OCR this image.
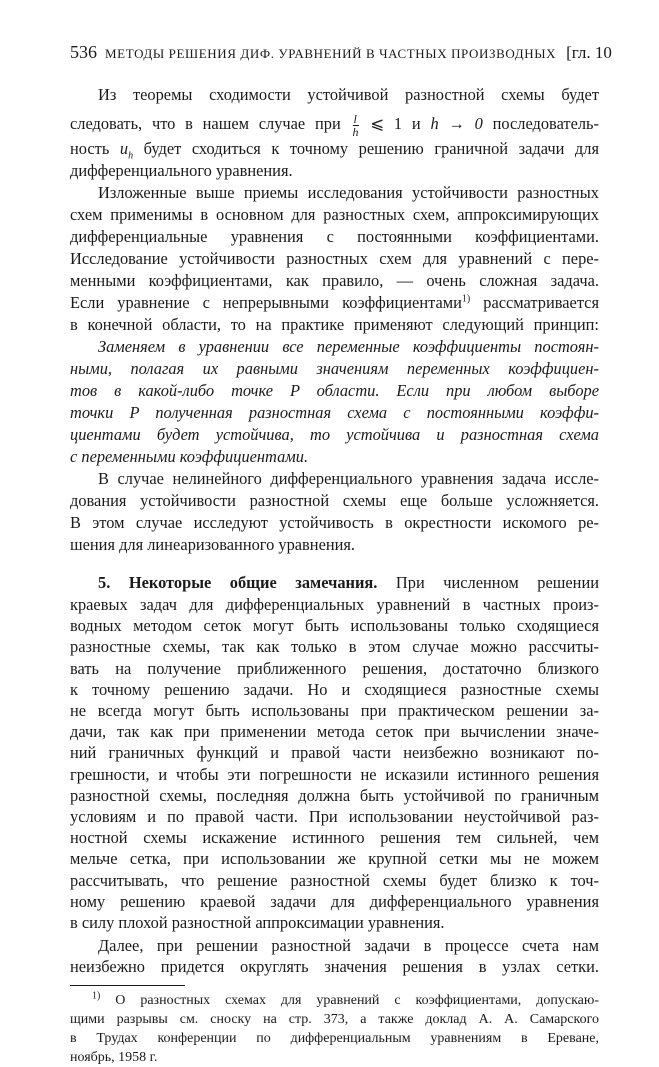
536 МЕТОДЫ РЕШЕНИЯ ДИФ. УРАВНЕНИЙ В ЧАСТНЫХ ПРОИЗВОДНЫХ [гл. 10
Из теоремы сходимости устойчивой разностной схемы будет
следовать, что в нашем случае при $\frac{l}{h}$ ⩽ 1 и h → 0 последователь-
ность $u_h$ будет сходиться к точному решению граничной задачи для
дифференциального уравнения.
Изложенные выше приемы исследования устойчивости разностных
схем применимы в основном для разностных схем, аппроксимирующих
дифференциальные уравнения с постоянными коэффициентами.
Исследование устойчивости разностных схем для уравнений с пере-
менными коэффициентами, как правило, — очень сложная задача.
Если уравнение с непрерывными коэффициентами$^{1)}$ рассматривается
в конечной области, то на практике применяют следующий принцип:
Заменяем в уравнении все переменные коэффициенты постоян-
ными, полагая их равными значениям переменных коэффициен-
тов в какой-либо точке P области. Если при любом выборе
точки P полученная разностная схема с постоянными коэффи-
циентами будет устойчива, то устойчива и разностная схема
с переменными коэффициентами.
В случае нелинейного дифференциального уравнения задача иссле-
дования устойчивости разностной схемы еще больше усложняется.
В этом случае исследуют устойчивость в окрестности искомого ре-
шения для линеаризованного уравнения.
5. Некоторые общие замечания. При численном решении
краевых задач для дифференциальных уравнений в частных произ-
водных методом сеток могут быть использованы только сходящиеся
разностные схемы, так как только в этом случае можно рассчиты-
вать на получение приближенного решения, достаточно близкого
к точному решению задачи. Но и сходящиеся разностные схемы
не всегда могут быть использованы при практическом решении за-
дачи, так как при применении метода сеток при вычислении значе-
ний граничных функций и правой части неизбежно возникают по-
грешности, и чтобы эти погрешности не исказили истинного решения
разностной схемы, последняя должна быть устойчивой по граничным
условиям и по правой части. При использовании неустойчивой раз-
ностной схемы искажение истинного решения тем сильней, чем
мельче сетка, при использовании же крупной сетки мы не можем
рассчитывать, что решение разностной схемы будет близко к точ-
ному решению краевой задачи для дифференциального уравнения
в силу плохой разностной аппроксимации уравнения.
Далее, при решении разностной задачи в процессе счета нам
неизбежно придется округлять значения решения в узлах сетки.
$^{1)}$ О разностных схемах для уравнений с коэффициентами, допускаю-
щими разрывы см. сноску на стр. 373, а также доклад А. А. Самарского
в Трудах конференции по дифференциальным уравнениям в Ереване,
ноябрь, 1958 г.
